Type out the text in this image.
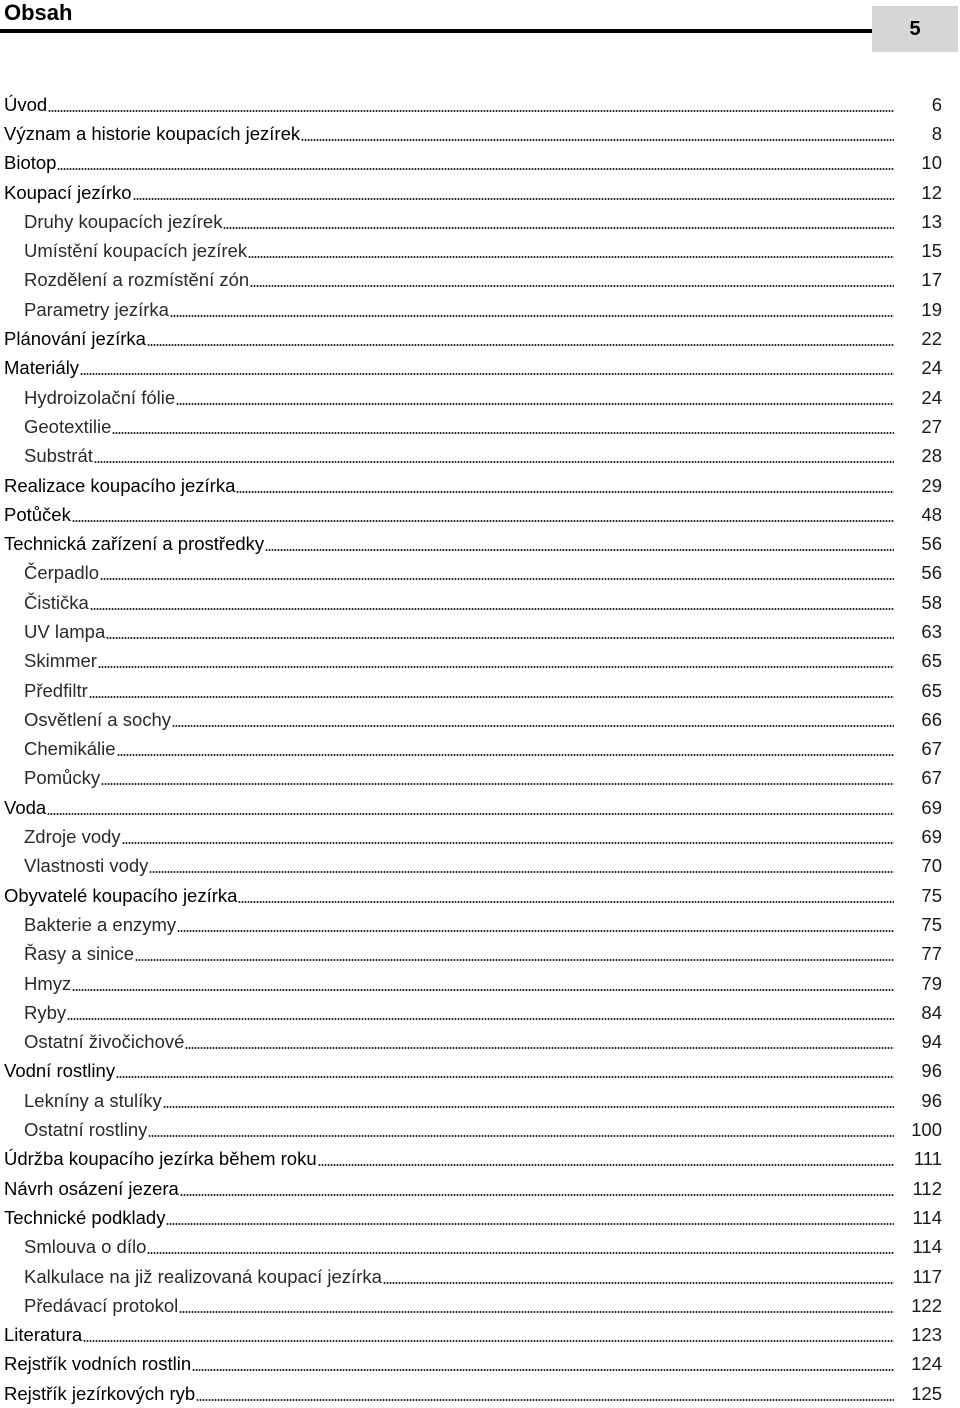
Obsah
5
Úvod	6
Význam a historie koupacích jezírek	8
Biotop	10
Koupací jezírko	12
Druhy koupacích jezírek	13
Umístění koupacích jezírek	15
Rozdělení a rozmístění zón	17
Parametry jezírka	19
Plánování jezírka	22
Materiály	24
Hydroizolační fólie	24
Geotextilie	27
Substrát	28
Realizace koupacího jezírka	29
Potůček	48
Technická zařízení a prostředky	56
Čerpadlo	56
Čistička	58
UV lampa	63
Skimmer	65
Předfiltr	65
Osvětlení a sochy	66
Chemikálie	67
Pomůcky	67
Voda	69
Zdroje vody	69
Vlastnosti vody	70
Obyvatelé koupacího jezírka	75
Bakterie a enzymy	75
Řasy a sinice	77
Hmyz	79
Ryby	84
Ostatní živočichové	94
Vodní rostliny	96
Lekníny a stulíky	96
Ostatní rostliny	100
Údržba koupacího jezírka během roku	111
Návrh osázení jezera	112
Technické podklady	114
Smlouva o dílo	114
Kalkulace na již realizovaná koupací jezírka	117
Předávací protokol	122
Literatura	123
Rejstřík vodních rostlin	124
Rejstřík jezírkových ryb	125
